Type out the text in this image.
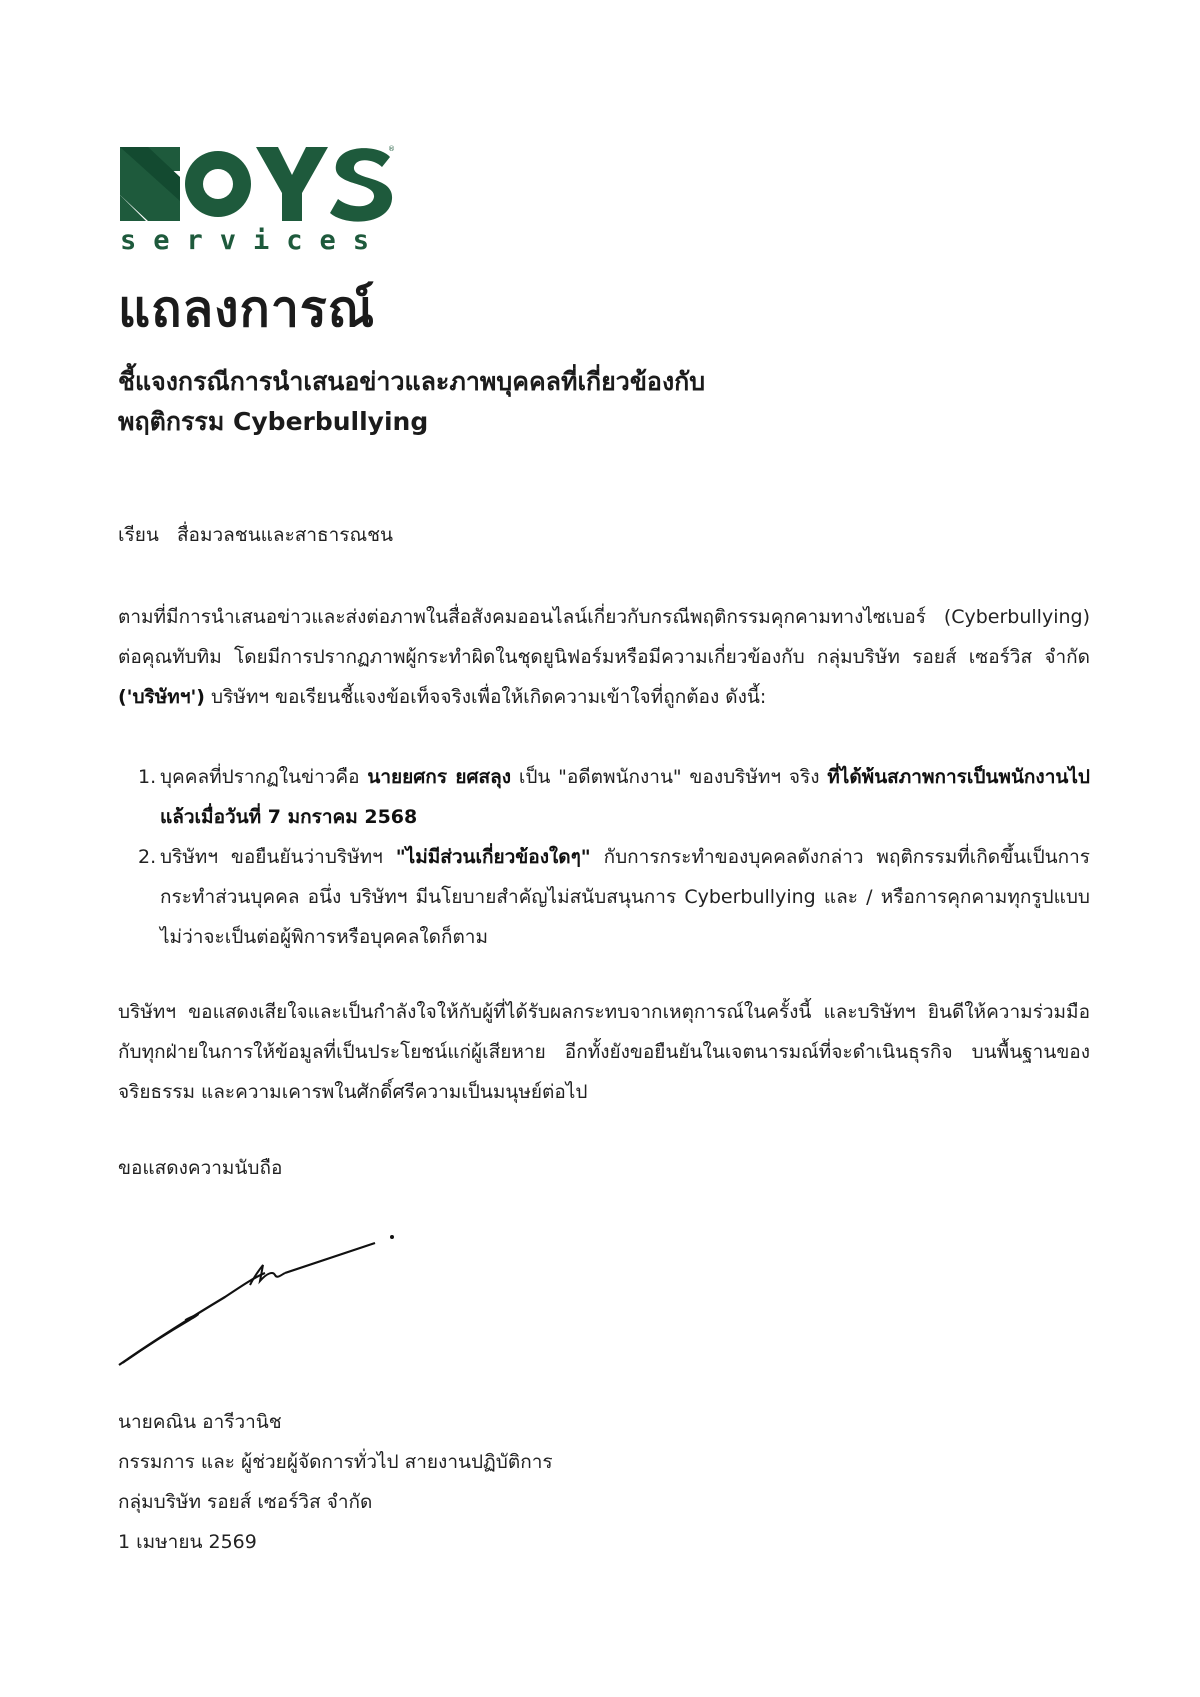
®
services
แถลงการณ์
ชี้แจงกรณีการนำเสนอข่าวและภาพบุคคลที่เกี่ยวข้องกับ
พฤติกรรม Cyberbullying
เรียน สื่อมวลชนและสาธารณชน
ตามที่มีการนำเสนอข่าวและส่งต่อภาพในสื่อสังคมออนไลน์เกี่ยวกับกรณีพฤติกรรมคุกคามทางไซเบอร์ (Cyberbullying) ต่อคุณทับทิม โดยมีการปรากฏภาพผู้กระทำผิดในชุดยูนิฟอร์มหรือมีความเกี่ยวข้องกับ กลุ่มบริษัท รอยส์ เซอร์วิส จำกัด ('บริษัทฯ') บริษัทฯ ขอเรียนชี้แจงข้อเท็จจริงเพื่อให้เกิดความเข้าใจที่ถูกต้อง ดังนี้:
1. บุคคลที่ปรากฏในข่าวคือ นายยศกร ยศสลุง เป็น "อดีตพนักงาน" ของบริษัทฯ จริง ที่ได้พ้นสภาพการเป็นพนักงานไปแล้วเมื่อวันที่ 7 มกราคม 2568
2. บริษัทฯ ขอยืนยันว่าบริษัทฯ "ไม่มีส่วนเกี่ยวข้องใดๆ" กับการกระทำของบุคคลดังกล่าว พฤติกรรมที่เกิดขึ้นเป็นการกระทำส่วนบุคคล อนึ่ง บริษัทฯ มีนโยบายสำคัญไม่สนับสนุนการ Cyberbullying และ / หรือการคุกคามทุกรูปแบบ ไม่ว่าจะเป็นต่อผู้พิการหรือบุคคลใดก็ตาม
บริษัทฯ ขอแสดงเสียใจและเป็นกำลังใจให้กับผู้ที่ได้รับผลกระทบจากเหตุการณ์ในครั้งนี้ และบริษัทฯ ยินดีให้ความร่วมมือกับทุกฝ่ายในการให้ข้อมูลที่เป็นประโยชน์แก่ผู้เสียหาย อีกทั้งยังขอยืนยันในเจตนารมณ์ที่จะดำเนินธุรกิจ บนพื้นฐานของจริยธรรม และความเคารพในศักดิ์ศรีความเป็นมนุษย์ต่อไป
ขอแสดงความนับถือ
นายคณิน อารีวานิช
กรรมการ และ ผู้ช่วยผู้จัดการทั่วไป สายงานปฏิบัติการ
กลุ่มบริษัท รอยส์ เซอร์วิส จำกัด
1 เมษายน 2569
